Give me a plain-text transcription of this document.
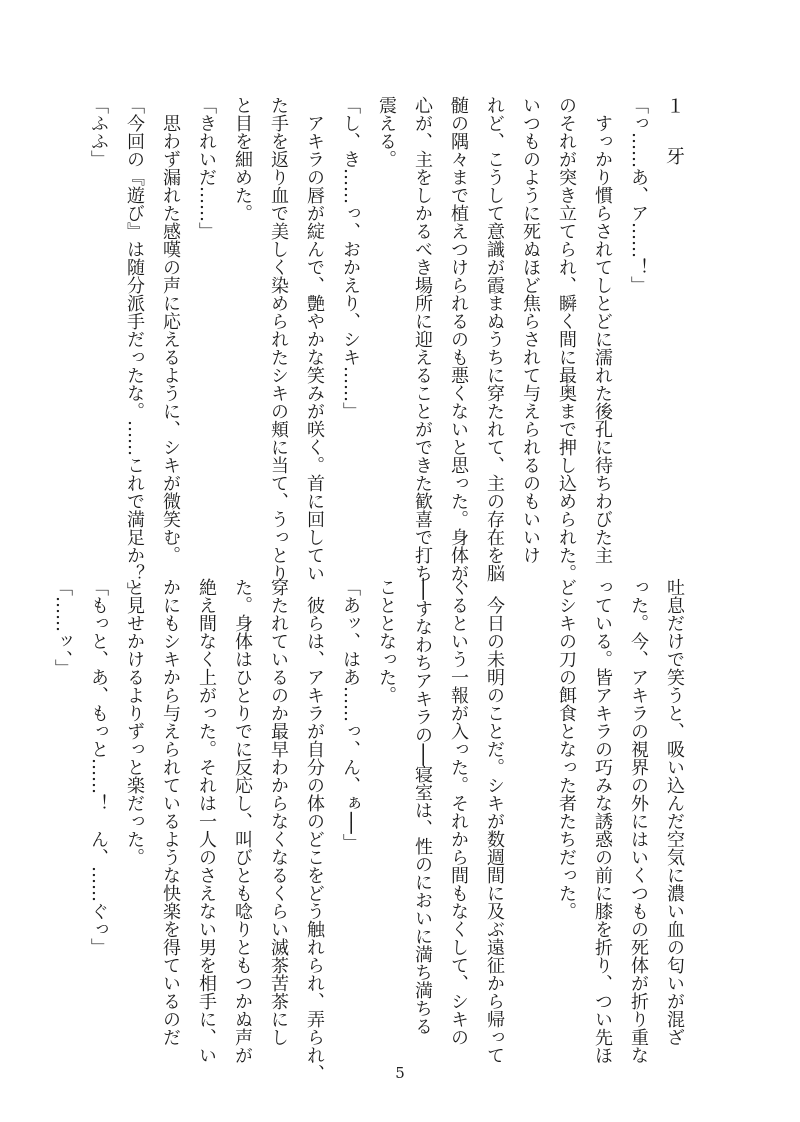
１　牙
「っ……あ、ア……！」
　すっかり慣らされてしとどに濡れた後孔に待ちわびた主
のそれが突き立てられ、瞬く間に最奥まで押し込められた。
いつものように死ぬほど焦らされて与えられるのもいいけ
れど、こうして意識が霞まぬうちに穿たれて、主の存在を脳
髄の隅々まで植えつけられるのも悪くないと思った。身体が、
心が、主をしかるべき場所に迎えることができた歓喜で打ち
震える。
「し、き……っ、おかえり、シキ……」
　アキラの唇が綻んで、艶やかな笑みが咲く。首に回してい
た手を返り血で美しく染められたシキの頬に当て、うっとり
と目を細めた。
「きれいだ……」
　思わず漏れた感嘆の声に応えるように、シキが微笑む。
「今回の『遊び』は随分派手だったな。……これで満足か？」
「ふふ」
吐息だけで笑うと、吸い込んだ空気に濃い血の匂いが混ざ
った。今、アキラの視界の外にはいくつもの死体が折り重な
っている。皆アキラの巧みな誘惑の前に膝を折り、つい先ほ
どシキの刀の餌食となった者たちだった。

　今日の未明のことだ。シキが数週間に及ぶ遠征から帰って
くるという一報が入った。それから間もなくして、シキの
──すなわちアキラの──寝室は、性のにおいに満ち満ちる
こととなった。
「あッ、はあ……っ、ん、ぁ──」
　彼らは、アキラが自分の体のどこをどう触れられ、弄られ、
穿たれているのか最早わからなくなるくらい滅茶苦茶にし
た。身体はひとりでに反応し、叫びとも唸りともつかぬ声が
絶え間なく上がった。それは一人のさえない男を相手に、い
かにもシキから与えられているような快楽を得ているのだ
と見せかけるよりずっと楽だった。
「もっと、あ、もっと……！　ん、……ぐっ」
「……ッ、」
5
